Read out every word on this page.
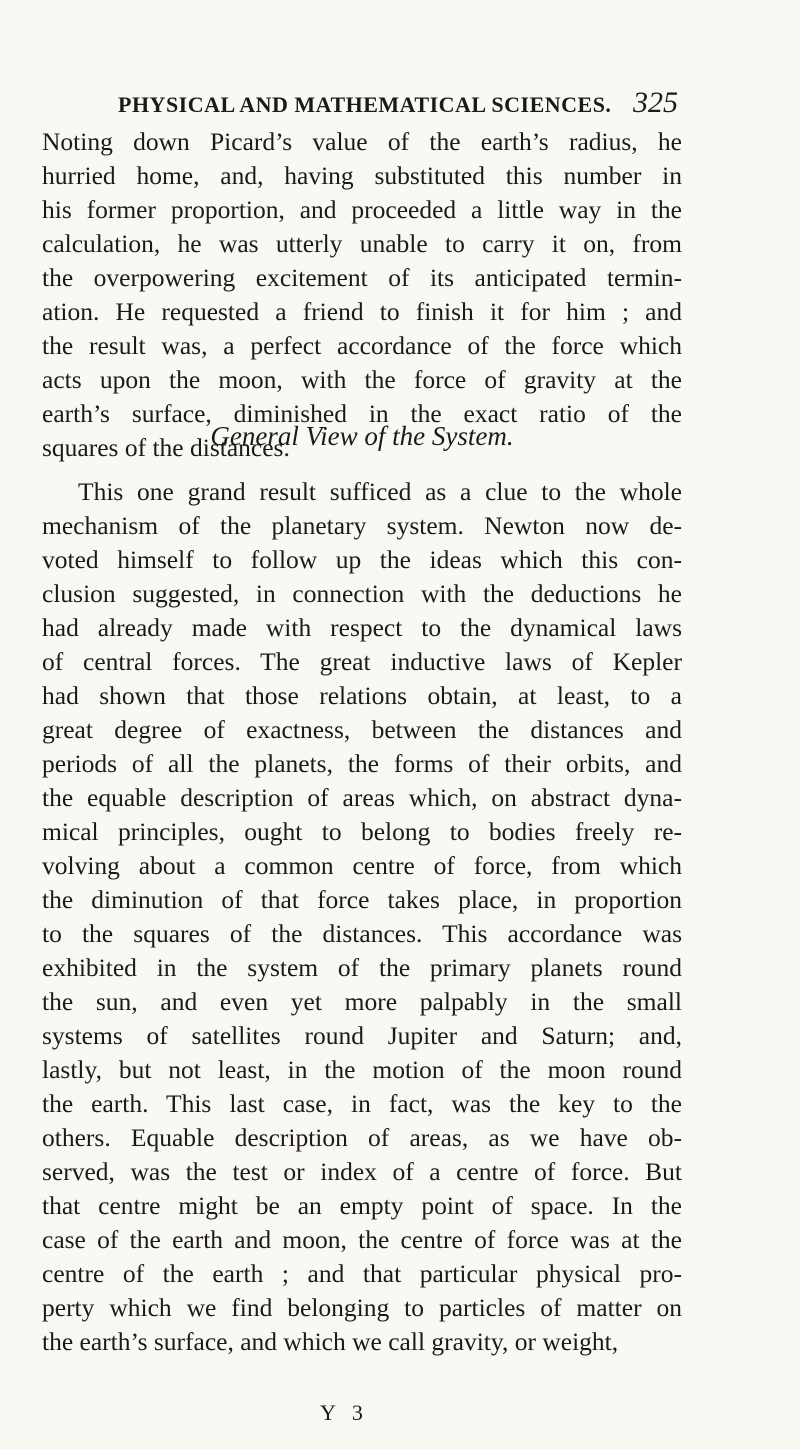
PHYSICAL AND MATHEMATICAL SCIENCES. 325
Noting down Picard’s value of the earth’s radius, he
hurried home, and, having substituted this number in
his former proportion, and proceeded a little way in the
calculation, he was utterly unable to carry it on, from
the overpowering excitement of its anticipated termin-
ation. He requested a friend to finish it for him ; and
the result was, a perfect accordance of the force which
acts upon the moon, with the force of gravity at the
earth’s surface, diminished in the exact ratio of the
squares of the distances.
General View of the System.
This one grand result sufficed as a clue to the whole
mechanism of the planetary system. Newton now de-
voted himself to follow up the ideas which this con-
clusion suggested, in connection with the deductions he
had already made with respect to the dynamical laws
of central forces. The great inductive laws of Kepler
had shown that those relations obtain, at least, to a
great degree of exactness, between the distances and
periods of all the planets, the forms of their orbits, and
the equable description of areas which, on abstract dyna-
mical principles, ought to belong to bodies freely re-
volving about a common centre of force, from which
the diminution of that force takes place, in proportion
to the squares of the distances. This accordance was
exhibited in the system of the primary planets round
the sun, and even yet more palpably in the small
systems of satellites round Jupiter and Saturn; and,
lastly, but not least, in the motion of the moon round
the earth. This last case, in fact, was the key to the
others. Equable description of areas, as we have ob-
served, was the test or index of a centre of force. But
that centre might be an empty point of space. In the
case of the earth and moon, the centre of force was at the
centre of the earth ; and that particular physical pro-
perty which we find belonging to particles of matter on
the earth’s surface, and which we call gravity, or weight,
Y 3
